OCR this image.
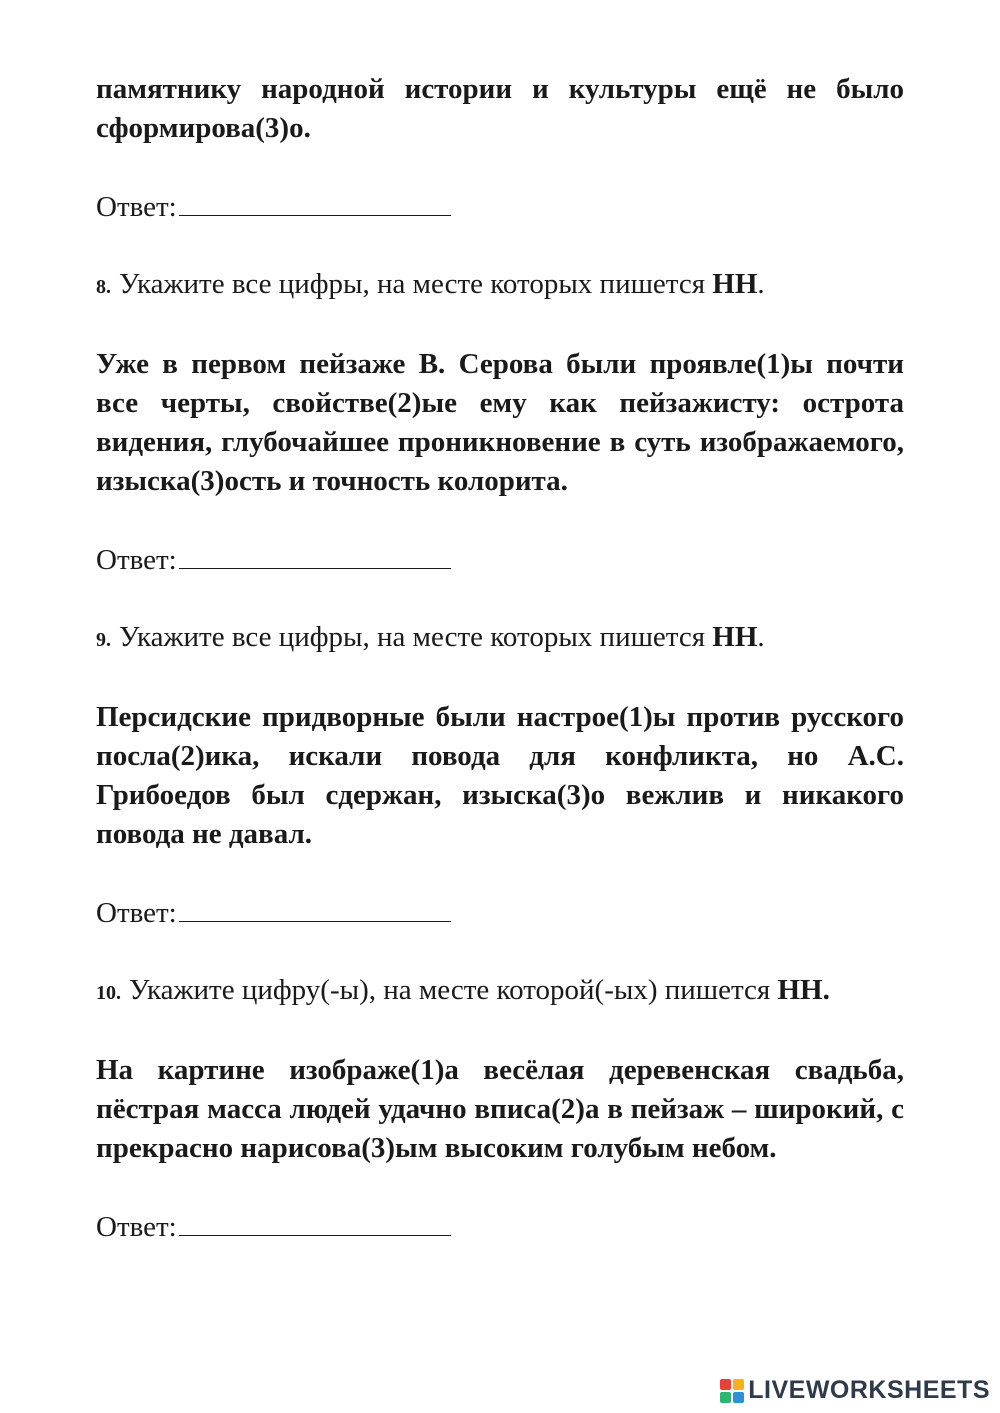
памятнику народной истории и культуры ещё не было сформирова(3)о.

Ответ:

8. Укажите все цифры, на месте которых пишется НН.

Уже в первом пейзаже В. Серова были проявле(1)ы почти все черты, свойстве(2)ые ему как пейзажисту: острота видения, глубочайшее проникновение в суть изображаемого, изыска(3)ость и точность колорита.

Ответ:

9. Укажите все цифры, на месте которых пишется НН.

Персидские придворные были настрое(1)ы против русского посла(2)ика, искали повода для конфликта, но А.С. Грибоедов был сдержан, изыска(3)о вежлив и никакого повода не давал.

Ответ:

10. Укажите цифру(-ы), на месте которой(-ых) пишется НН.

На картине изображе(1)а весёлая деревенская свадьба, пёстрая масса людей удачно вписа(2)а в пейзаж – широкий, с прекрасно нарисова(3)ым высоким голубым небом.

Ответ:

LIVEWORKSHEETS
